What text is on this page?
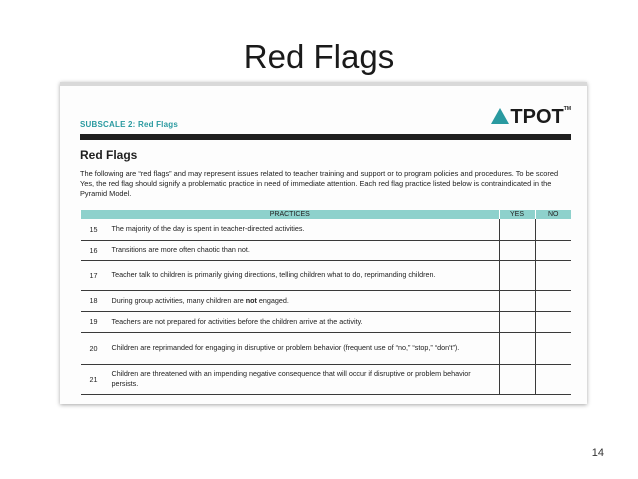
Red Flags
SUBSCALE 2: Red Flags	TPOT™
Red Flags
The following are “red flags” and may represent issues related to teacher training and support or to program policies and procedures. To be scored Yes, the red flag should signify a problematic practice in need of immediate attention. Each red flag practice listed below is contraindicated in the Pyramid Model.
PRACTICES		YES	NO
15	The majority of the day is spent in teacher-directed activities.		
16	Transitions are more often chaotic than not.		
17	Teacher talk to children is primarily giving directions, telling children what to do, reprimanding children.		
18	During group activities, many children are not engaged.		
19	Teachers are not prepared for activities before the children arrive at the activity.		
20	Children are reprimanded for engaging in disruptive or problem behavior (frequent use of “no,” “stop,” “don't”).		
21	Children are threatened with an impending negative consequence that will occur if disruptive or problem behavior persists.		
14
